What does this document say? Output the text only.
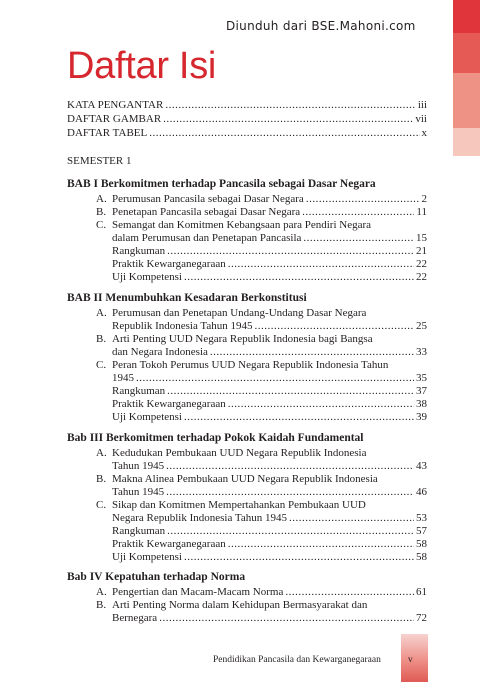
Diunduh dari BSE.Mahoni.com
Daftar Isi
KATA PENGANTAR .....	iii
DAFTAR GAMBAR .....	vii
DAFTAR TABEL .....	x
SEMESTER 1
BAB I Berkomitmen terhadap Pancasila sebagai Dasar Negara
A. Perumusan Pancasila sebagai Dasar Negara .....	2
B. Penetapan Pancasila sebagai Dasar Negara .....	11
C. Semangat dan Komitmen Kebangsaan para Pendiri Negara
dalam Perumusan dan Penetapan Pancasila .....	15
Rangkuman .....	21
Praktik Kewarganegaraan .....	22
Uji Kompetensi .....	22
BAB II Menumbuhkan Kesadaran Berkonstitusi
A. Perumusan dan Penetapan Undang-Undang Dasar Negara
Republik Indonesia Tahun 1945 .....	25
B. Arti Penting UUD Negara Republik Indonesia bagi Bangsa
dan Negara Indonesia .....	33
C. Peran Tokoh Perumus UUD Negara Republik Indonesia Tahun
1945 .....	35
Rangkuman .....	37
Praktik Kewarganegaraan .....	38
Uji Kompetensi .....	39
Bab III Berkomitmen terhadap Pokok Kaidah Fundamental
A. Kedudukan Pembukaan UUD Negara Republik Indonesia
Tahun 1945 .....	43
B. Makna Alinea Pembukaan UUD Negara Republik Indonesia
Tahun 1945 .....	46
C. Sikap dan Komitmen Mempertahankan Pembukaan UUD
Negara Republik Indonesia Tahun 1945 .....	53
Rangkuman .....	57
Praktik Kewarganegaraan .....	58
Uji Kompetensi .....	58
Bab IV Kepatuhan terhadap Norma
A. Pengertian dan Macam-Macam Norma .....	61
B. Arti Penting Norma dalam Kehidupan Bermasyarakat dan
Bernegara .....	72
Pendidikan Pancasila dan Kewarganegaraan	v
